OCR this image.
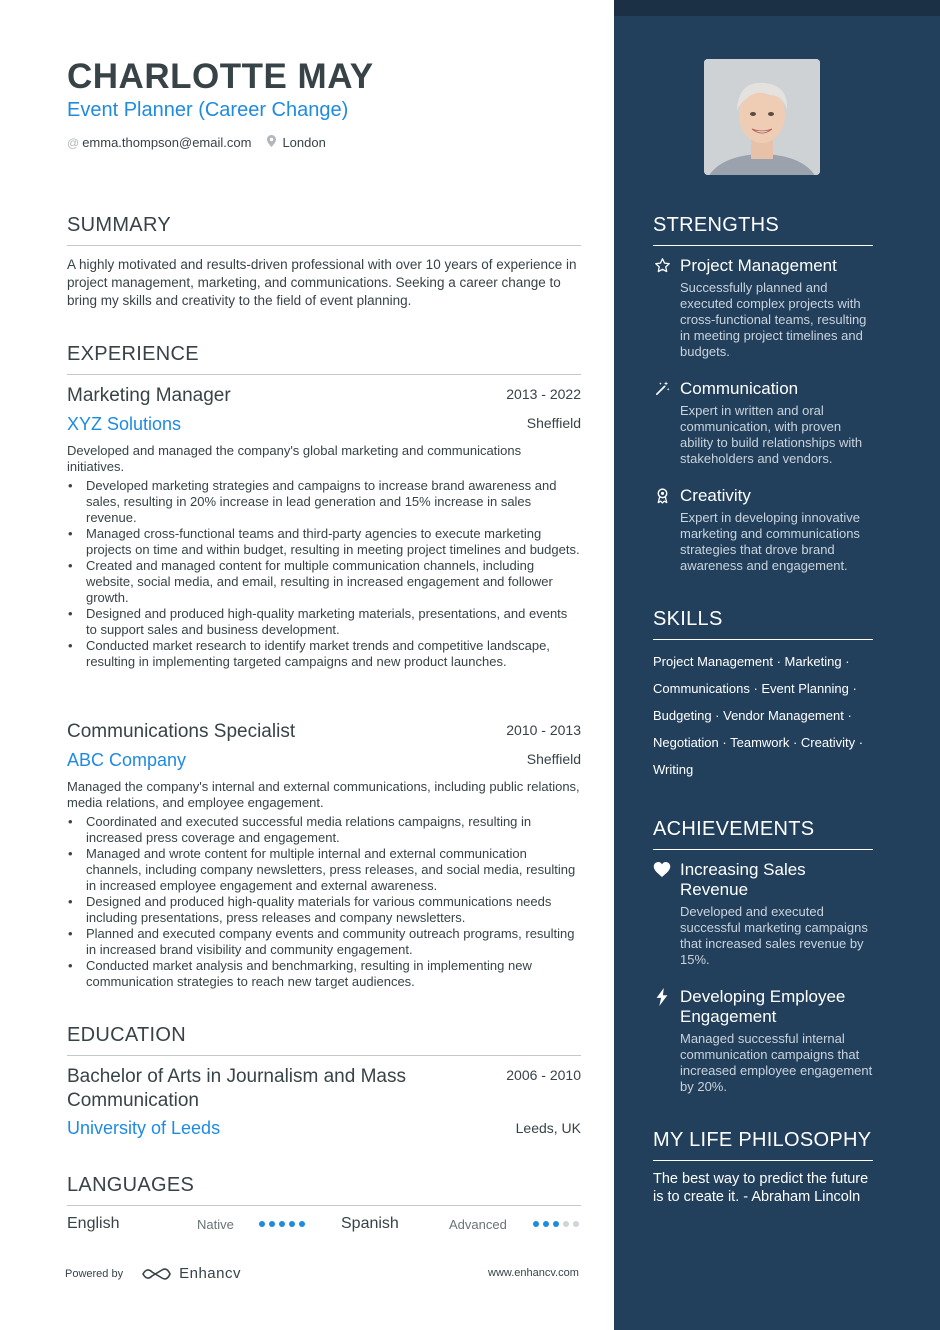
CHARLOTTE MAY
Event Planner (Career Change)
@ emma.thompson@email.com London
SUMMARY
A highly motivated and results-driven professional with over 10 years of experience in project management, marketing, and communications. Seeking a career change to bring my skills and creativity to the field of event planning.
EXPERIENCE
Marketing Manager	2013 - 2022
XYZ Solutions	Sheffield
Developed and managed the company's global marketing and communications initiatives.
• Developed marketing strategies and campaigns to increase brand awareness and sales, resulting in 20% increase in lead generation and 15% increase in sales revenue.
• Managed cross-functional teams and third-party agencies to execute marketing projects on time and within budget, resulting in meeting project timelines and budgets.
• Created and managed content for multiple communication channels, including website, social media, and email, resulting in increased engagement and follower growth.
• Designed and produced high-quality marketing materials, presentations, and events to support sales and business development.
• Conducted market research to identify market trends and competitive landscape, resulting in implementing targeted campaigns and new product launches.
Communications Specialist	2010 - 2013
ABC Company	Sheffield
Managed the company's internal and external communications, including public relations, media relations, and employee engagement.
• Coordinated and executed successful media relations campaigns, resulting in increased press coverage and engagement.
• Managed and wrote content for multiple internal and external communication channels, including company newsletters, press releases, and social media, resulting in increased employee engagement and external awareness.
• Designed and produced high-quality materials for various communications needs including presentations, press releases and company newsletters.
• Planned and executed company events and community outreach programs, resulting in increased brand visibility and community engagement.
• Conducted market analysis and benchmarking, resulting in implementing new communication strategies to reach new target audiences.
EDUCATION
Bachelor of Arts in Journalism and Mass Communication
2006 - 2010
University of Leeds	Leeds, UK
LANGUAGES
English	Native	Spanish	Advanced
Powered by	Enhancv	www.enhancv.com
STRENGTHS
Project Management
Successfully planned and executed complex projects with cross-functional teams, resulting in meeting project timelines and budgets.
Communication
Expert in written and oral communication, with proven ability to build relationships with stakeholders and vendors.
Creativity
Expert in developing innovative marketing and communications strategies that drove brand awareness and engagement.
SKILLS
Project Management · Marketing · Communications · Event Planning · Budgeting · Vendor Management · Negotiation · Teamwork · Creativity · Writing
ACHIEVEMENTS
Increasing Sales Revenue
Developed and executed successful marketing campaigns that increased sales revenue by 15%.
Developing Employee Engagement
Managed successful internal communication campaigns that increased employee engagement by 20%.
MY LIFE PHILOSOPHY
The best way to predict the future is to create it. - Abraham Lincoln
